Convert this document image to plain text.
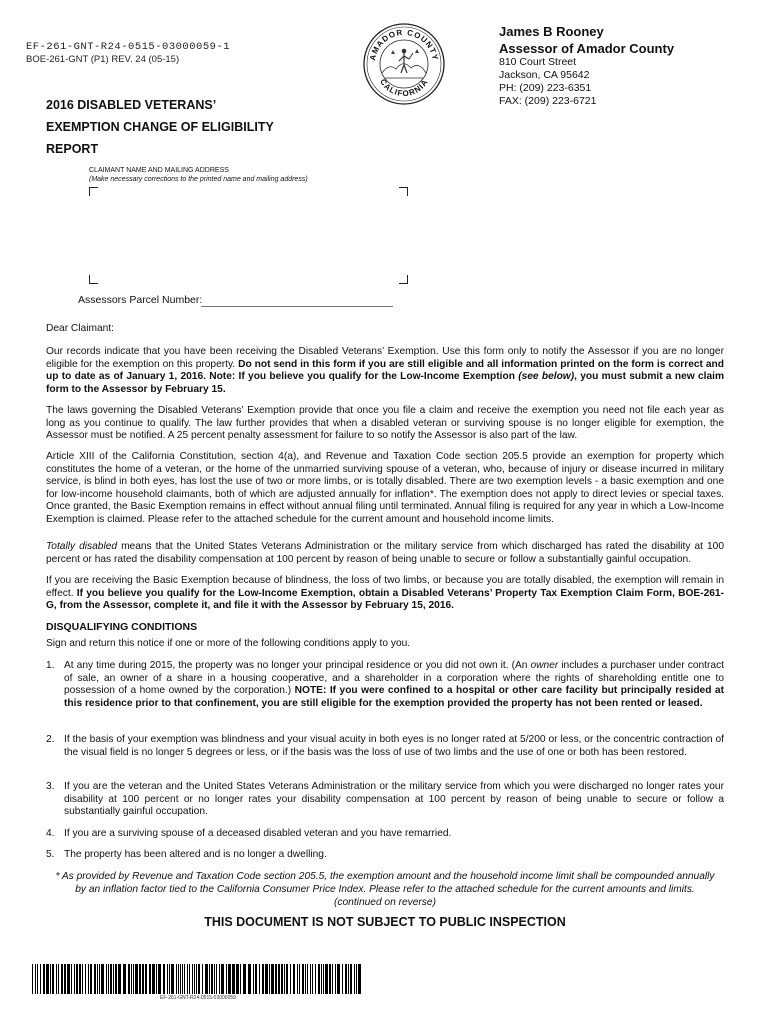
EF-261-GNT-R24-0515-03000059-1
BOE-261-GNT (P1) REV. 24 (05-15)	AMADOR COUNTY
CALIFORNIA
James B Rooney
Assessor of Amador County
810 Court Street
Jackson, CA 95642
PH: (209) 223-6351
FAX: (209) 223-6721
2016 DISABLED VETERANS’
EXEMPTION CHANGE OF ELIGIBILITY
REPORT
CLAIMANT NAME AND MAILING ADDRESS
(Make necessary corrections to the printed name and mailing address)
Assessors Parcel Number:
Dear Claimant:

Our records indicate that you have been receiving the Disabled Veterans’ Exemption. Use this form only to notify the Assessor if you are no longer eligible for the exemption on this property. Do not send in this form if you are still eligible and all information printed on the form is correct and up to date as of January 1, 2016. Note: If you believe you qualify for the Low-Income Exemption (see below), you must submit a new claim form to the Assessor by February 15.

The laws governing the Disabled Veterans’ Exemption provide that once you file a claim and receive the exemption you need not file each year as long as you continue to qualify. The law further provides that when a disabled veteran or surviving spouse is no longer eligible for exemption, the Assessor must be notified. A 25 percent penalty assessment for failure to so notify the Assessor is also part of the law.
Article XIII of the California Constitution, section 4(a), and Revenue and Taxation Code section 205.5 provide an exemption for property which constitutes the home of a veteran, or the home of the unmarried surviving spouse of a veteran, who, because of injury or disease incurred in military service, is blind in both eyes, has lost the use of two or more limbs, or is totally disabled. There are two exemption levels - a basic exemption and one for low-income household claimants, both of which are adjusted annually for inflation*. The exemption does not apply to direct levies or special taxes. Once granted, the Basic Exemption remains in effect without annual filing until terminated. Annual filing is required for any year in which a Low-Income Exemption is claimed. Please refer to the attached schedule for the current amount and household income limits.

Totally disabled means that the United States Veterans Administration or the military service from which discharged has rated the disability at 100 percent or has rated the disability compensation at 100 percent by reason of being unable to secure or follow a substantially gainful occupation.

If you are receiving the Basic Exemption because of blindness, the loss of two limbs, or because you are totally disabled, the exemption will remain in effect. If you believe you qualify for the Low-Income Exemption, obtain a Disabled Veterans’ Property Tax Exemption Claim Form, BOE-261-G, from the Assessor, complete it, and file it with the Assessor by February 15, 2016.

DISQUALIFYING CONDITIONS
Sign and return this notice if one or more of the following conditions apply to you.
1. At any time during 2015, the property was no longer your principal residence or you did not own it. (An owner includes a purchaser under contract of sale, an owner of a share in a housing cooperative, and a shareholder in a corporation where the rights of shareholding entitle one to possession of a home owned by the corporation.) NOTE: If you were confined to a hospital or other care facility but principally resided at this residence prior to that confinement, you are still eligible for the exemption provided the property has not been rented or leased.
2. If the basis of your exemption was blindness and your visual acuity in both eyes is no longer rated at 5/200 or less, or the concentric contraction of the visual field is no longer 5 degrees or less, or if the basis was the loss of use of two limbs and the use of one or both has been restored.
3. If you are the veteran and the United States Veterans Administration or the military service from which you were discharged no longer rates your disability at 100 percent or no longer rates your disability compensation at 100 percent by reason of being unable to secure or follow a substantially gainful occupation.
4. If you are a surviving spouse of a deceased disabled veteran and you have remarried.
5. The property has been altered and is no longer a dwelling.
* As provided by Revenue and Taxation Code section 205.5, the exemption amount and the household income limit shall be compounded annually
by an inflation factor tied to the California Consumer Price Index. Please refer to the attached schedule for the current amounts and limits.
(continued on reverse)
THIS DOCUMENT IS NOT SUBJECT TO PUBLIC INSPECTION
EF-261-GNT-R24-0515-03000059
